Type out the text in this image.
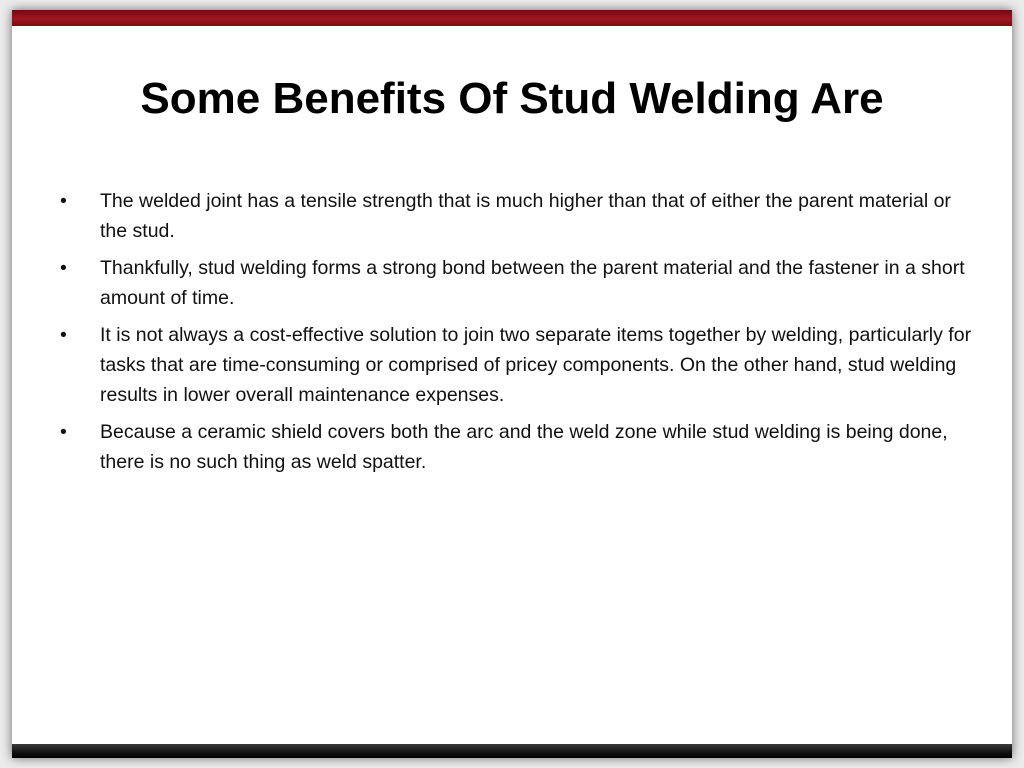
Some Benefits Of Stud Welding Are
•	The welded joint has a tensile strength that is much higher than that of either the parent material or the stud.
•	Thankfully, stud welding forms a strong bond between the parent material and the fastener in a short amount of time.
•	It is not always a cost-effective solution to join two separate items together by welding, particularly for tasks that are time-consuming or comprised of pricey components. On the other hand, stud welding results in lower overall maintenance expenses.
•	Because a ceramic shield covers both the arc and the weld zone while stud welding is being done, there is no such thing as weld spatter.
